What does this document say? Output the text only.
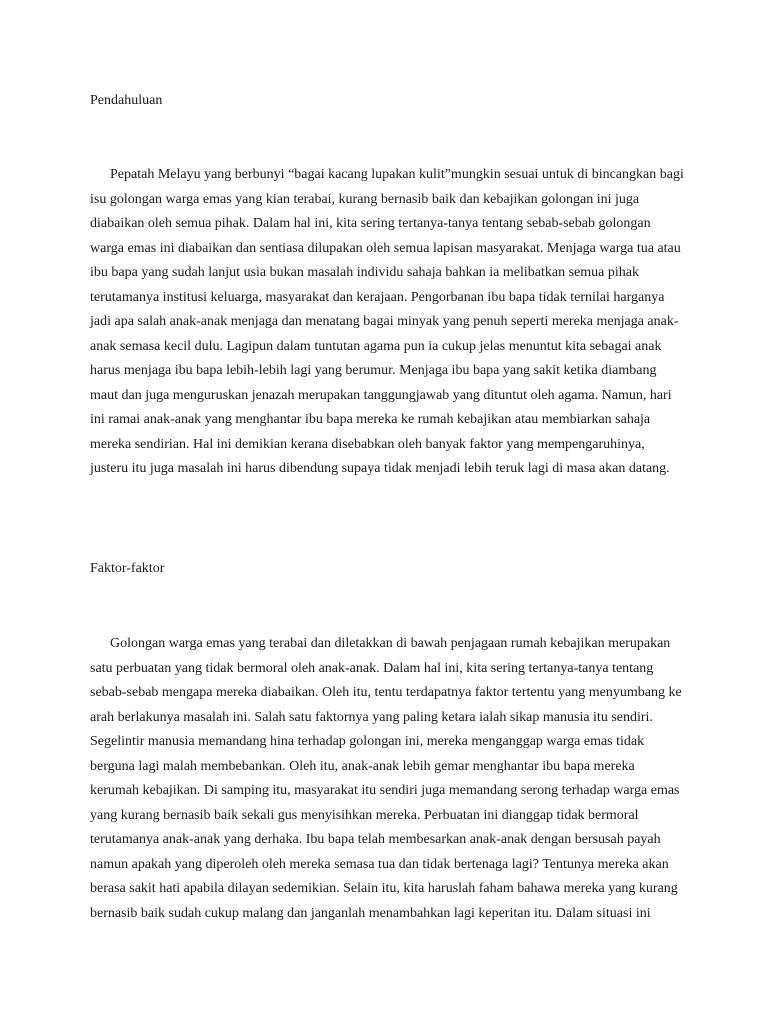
Pendahuluan
Pepatah Melayu yang berbunyi “bagai kacang lupakan kulit”mungkin sesuai untuk di bincangkan bagi
isu golongan warga emas yang kian terabai, kurang bernasib baik dan kebajikan golongan ini juga
diabaikan oleh semua pihak. Dalam hal ini, kita sering tertanya-tanya tentang sebab-sebab golongan
warga emas ini diabaikan dan sentiasa dilupakan oleh semua lapisan masyarakat. Menjaga warga tua atau
ibu bapa yang sudah lanjut usia bukan masalah individu sahaja bahkan ia melibatkan semua pihak
terutamanya institusi keluarga, masyarakat dan kerajaan. Pengorbanan ibu bapa tidak ternilai harganya
jadi apa salah anak-anak menjaga dan menatang bagai minyak yang penuh seperti mereka menjaga anak-
anak semasa kecil dulu. Lagipun dalam tuntutan agama pun ia cukup jelas menuntut kita sebagai anak
harus menjaga ibu bapa lebih-lebih lagi yang berumur. Menjaga ibu bapa yang sakit ketika diambang
maut dan juga menguruskan jenazah merupakan tanggungjawab yang dituntut oleh agama. Namun, hari
ini ramai anak-anak yang menghantar ibu bapa mereka ke rumah kebajikan atau membiarkan sahaja
mereka sendirian. Hal ini demikian kerana disebabkan oleh banyak faktor yang mempengaruhinya,
justeru itu juga masalah ini harus dibendung supaya tidak menjadi lebih teruk lagi di masa akan datang.
Faktor-faktor
Golongan warga emas yang terabai dan diletakkan di bawah penjagaan rumah kebajikan merupakan
satu perbuatan yang tidak bermoral oleh anak-anak. Dalam hal ini, kita sering tertanya-tanya tentang
sebab-sebab mengapa mereka diabaikan. Oleh itu, tentu terdapatnya faktor tertentu yang menyumbang ke
arah berlakunya masalah ini. Salah satu faktornya yang paling ketara ialah sikap manusia itu sendiri.
Segelintir manusia memandang hina terhadap golongan ini, mereka menganggap warga emas tidak
berguna lagi malah membebankan. Oleh itu, anak-anak lebih gemar menghantar ibu bapa mereka
kerumah kebajikan. Di samping itu, masyarakat itu sendiri juga memandang serong terhadap warga emas
yang kurang bernasib baik sekali gus menyisihkan mereka. Perbuatan ini dianggap tidak bermoral
terutamanya anak-anak yang derhaka. Ibu bapa telah membesarkan anak-anak dengan bersusah payah
namun apakah yang diperoleh oleh mereka semasa tua dan tidak bertenaga lagi? Tentunya mereka akan
berasa sakit hati apabila dilayan sedemikian. Selain itu, kita haruslah faham bahawa mereka yang kurang
bernasib baik sudah cukup malang dan janganlah menambahkan lagi keperitan itu. Dalam situasi ini
